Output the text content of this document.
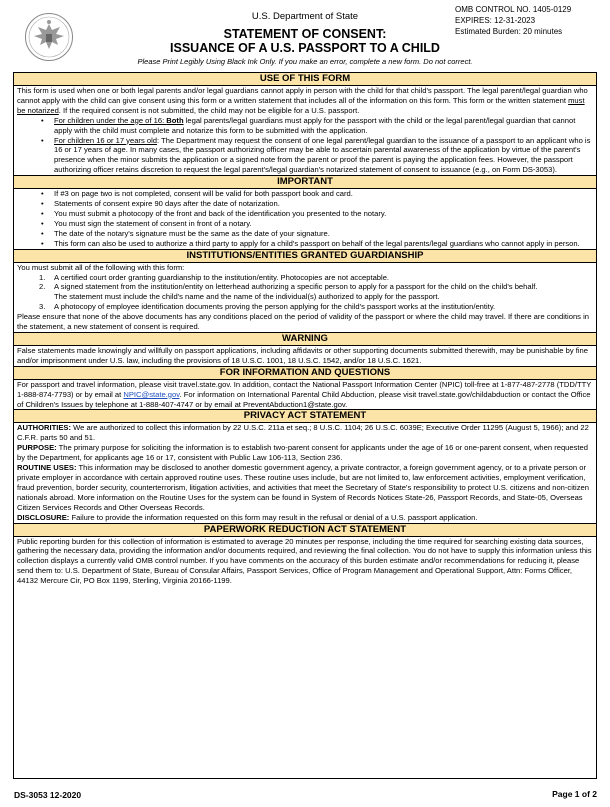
U.S. Department of State
OMB CONTROL NO. 1405-0129
EXPIRES: 12-31-2023
Estimated Burden: 20 minutes
STATEMENT OF CONSENT:
ISSUANCE OF A U.S. PASSPORT TO A CHILD
Please Print Legibly Using Black Ink Only. If you make an error, complete a new form. Do not correct.
USE OF THIS FORM

This form is used when one or both legal parents and/or legal guardians cannot apply in person with the child for that child's passport. The legal parent/legal guardian who cannot apply with the child can give consent using this form or a written statement that includes all of the information on this form. This form or the written statement must be notarized. If the required consent is not submitted, the child may not be eligible for a U.S. passport.

• For children under the age of 16: Both legal parents/legal guardians must apply for the passport with the child or the legal parent/legal guardian that cannot apply with the child must complete and notarize this form to be submitted with the application.
• For children 16 or 17 years old: The Department may request the consent of one legal parent/legal guardian to the issuance of a passport to an applicant who is 16 or 17 years of age. In many cases, the passport authorizing officer may be able to ascertain parental awareness of the application by virtue of the parent's presence when the minor submits the application or a signed note from the parent or proof the parent is paying the application fees. However, the passport authorizing officer retains discretion to request the legal parent's/legal guardian's notarized statement of consent to issuance (e.g., on Form DS-3053).
IMPORTANT
• If #3 on page two is not completed, consent will be valid for both passport book and card.
• Statements of consent expire 90 days after the date of notarization.
• You must submit a photocopy of the front and back of the identification you presented to the notary.
• You must sign the statement of consent in front of a notary.
• The date of the notary's signature must be the same as the date of your signature.
• This form can also be used to authorize a third party to apply for a child's passport on behalf of the legal parents/legal guardians who cannot apply in person.
INSTITUTIONS/ENTITIES GRANTED GUARDIANSHIP

You must submit all of the following with this form:

1. A certified court order granting guardianship to the institution/entity. Photocopies are not acceptable.
2. A signed statement from the institution/entity on letterhead authorizing a specific person to apply for a passport for the child on the child's behalf.
The statement must include the child's name and the name of the individual(s) authorized to apply for the passport.
3. A photocopy of employee identification documents proving the person applying for the child's passport works at the institution/entity.

Please ensure that none of the above documents has any conditions placed on the period of validity of the passport or where the child may travel. If there are conditions in the statement, a new statement of consent is required.

WARNING

False statements made knowingly and willfully on passport applications, including affidavits or other supporting documents submitted therewith, may be punishable by fine and/or imprisonment under U.S. law, including the provisions of 18 U.S.C. 1001, 18 U.S.C. 1542, and/or 18 U.S.C. 1621.

FOR INFORMATION AND QUESTIONS

For passport and travel information, please visit travel.state.gov. In addition, contact the National Passport Information Center (NPIC) toll-free at 1-877-487-2778 (TDD/TTY 1-888-874-7793) or by email at NPIC@state.gov. For information on International Parental Child Abduction, please visit travel.state.gov/childabduction or contact the Office of Children's Issues by telephone at 1-888-407-4747 or by email at PreventAbduction1@state.gov.

PRIVACY ACT STATEMENT

AUTHORITIES: We are authorized to collect this information by 22 U.S.C. 211a et seq.; 8 U.S.C. 1104; 26 U.S.C. 6039E; Executive Order 11295 (August 5, 1966); and 22 C.F.R. parts 50 and 51.

PURPOSE: The primary purpose for soliciting the information is to establish two-parent consent for applicants under the age of 16 or one-parent consent, when requested by the Department, for applicants age 16 or 17, consistent with Public Law 106-113, Section 236.

ROUTINE USES: This information may be disclosed to another domestic government agency, a private contractor, a foreign government agency, or to a private person or private employer in accordance with certain approved routine uses. These routine uses include, but are not limited to, law enforcement activities, employment verification, fraud prevention, border security, counterterrorism, litigation activities, and activities that meet the Secretary of State's responsibility to protect U.S. citizens and non-citizen nationals abroad. More information on the Routine Uses for the system can be found in System of Records Notices State-26, Passport Records, and State-05, Overseas Citizen Services Records and Other Overseas Records.

DISCLOSURE: Failure to provide the information requested on this form may result in the refusal or denial of a U.S. passport application.

PAPERWORK REDUCTION ACT STATEMENT

Public reporting burden for this collection of information is estimated to average 20 minutes per response, including the time required for searching existing data sources, gathering the necessary data, providing the information and/or documents required, and reviewing the final collection. You do not have to supply this information unless this collection displays a currently valid OMB control number. If you have comments on the accuracy of this burden estimate and/or recommendations for reducing it, please send them to: U.S. Department of State, Bureau of Consular Affairs, Passport Services, Office of Program Management and Operational Support, Attn: Forms Officer, 44132 Mercure Cir, PO Box 1199, Sterling, Virginia 20166-1199.

DS-3053 12-2020	Page 1 of 2
